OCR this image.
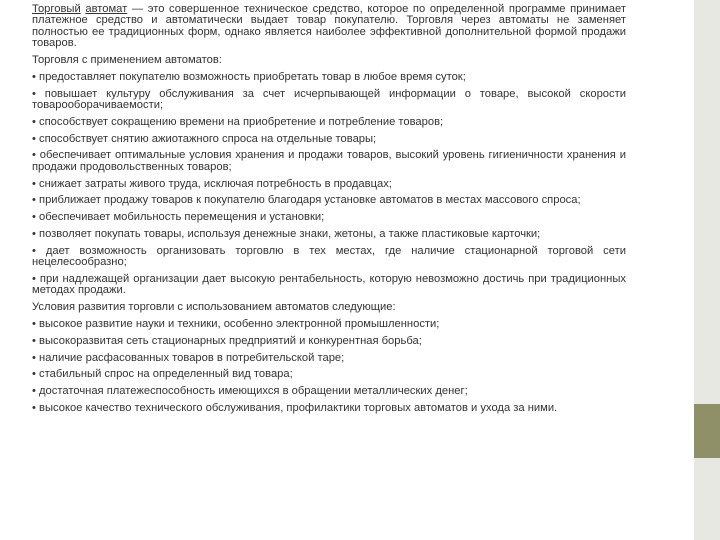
Торговый автомат — это совершенное техническое средство, которое по определенной программе принимает платежное средство и автоматически выдает товар покупателю. Торговля через автоматы не заменяет полностью ее традиционных форм, однако является наиболее эффективной дополнительной формой продажи товаров.

Торговля с применением автоматов:

• предоставляет покупателю возможность приобретать товар в любое время суток;

• повышает культуру обслуживания за счет исчерпывающей информации о товаре, высокой скорости товарооборачиваемости;

• способствует сокращению времени на приобретение и потребление товаров;

• способствует снятию ажиотажного спроса на отдельные товары;

• обеспечивает оптимальные условия хранения и продажи товаров, высокий уровень гигиеничности хранения и продажи продовольственных товаров;

• снижает затраты живого труда, исключая потребность в продавцах;

• приближает продажу товаров к покупателю благодаря установке автоматов в местах массового спроса;

• обеспечивает мобильность перемещения и установки;

• позволяет покупать товары, используя денежные знаки, жетоны, а также пластиковые карточки;

• дает возможность организовать торговлю в тех местах, где наличие стационарной торговой сети нецелесообразно;

• при надлежащей организации дает высокую рентабельность, которую невозможно достичь при традиционных методах продажи.

Условия развития торговли с использованием автоматов следующие:

• высокое развитие науки и техники, особенно электронной промышленности;

• высокоразвитая сеть стационарных предприятий и конкурентная борьба;

• наличие расфасованных товаров в потребительской таре;

• стабильный спрос на определенный вид товара;

• достаточная платежеспособность имеющихся в обращении металлических денег;

• высокое качество технического обслуживания, профилактики торговых автоматов и ухода за ними.
